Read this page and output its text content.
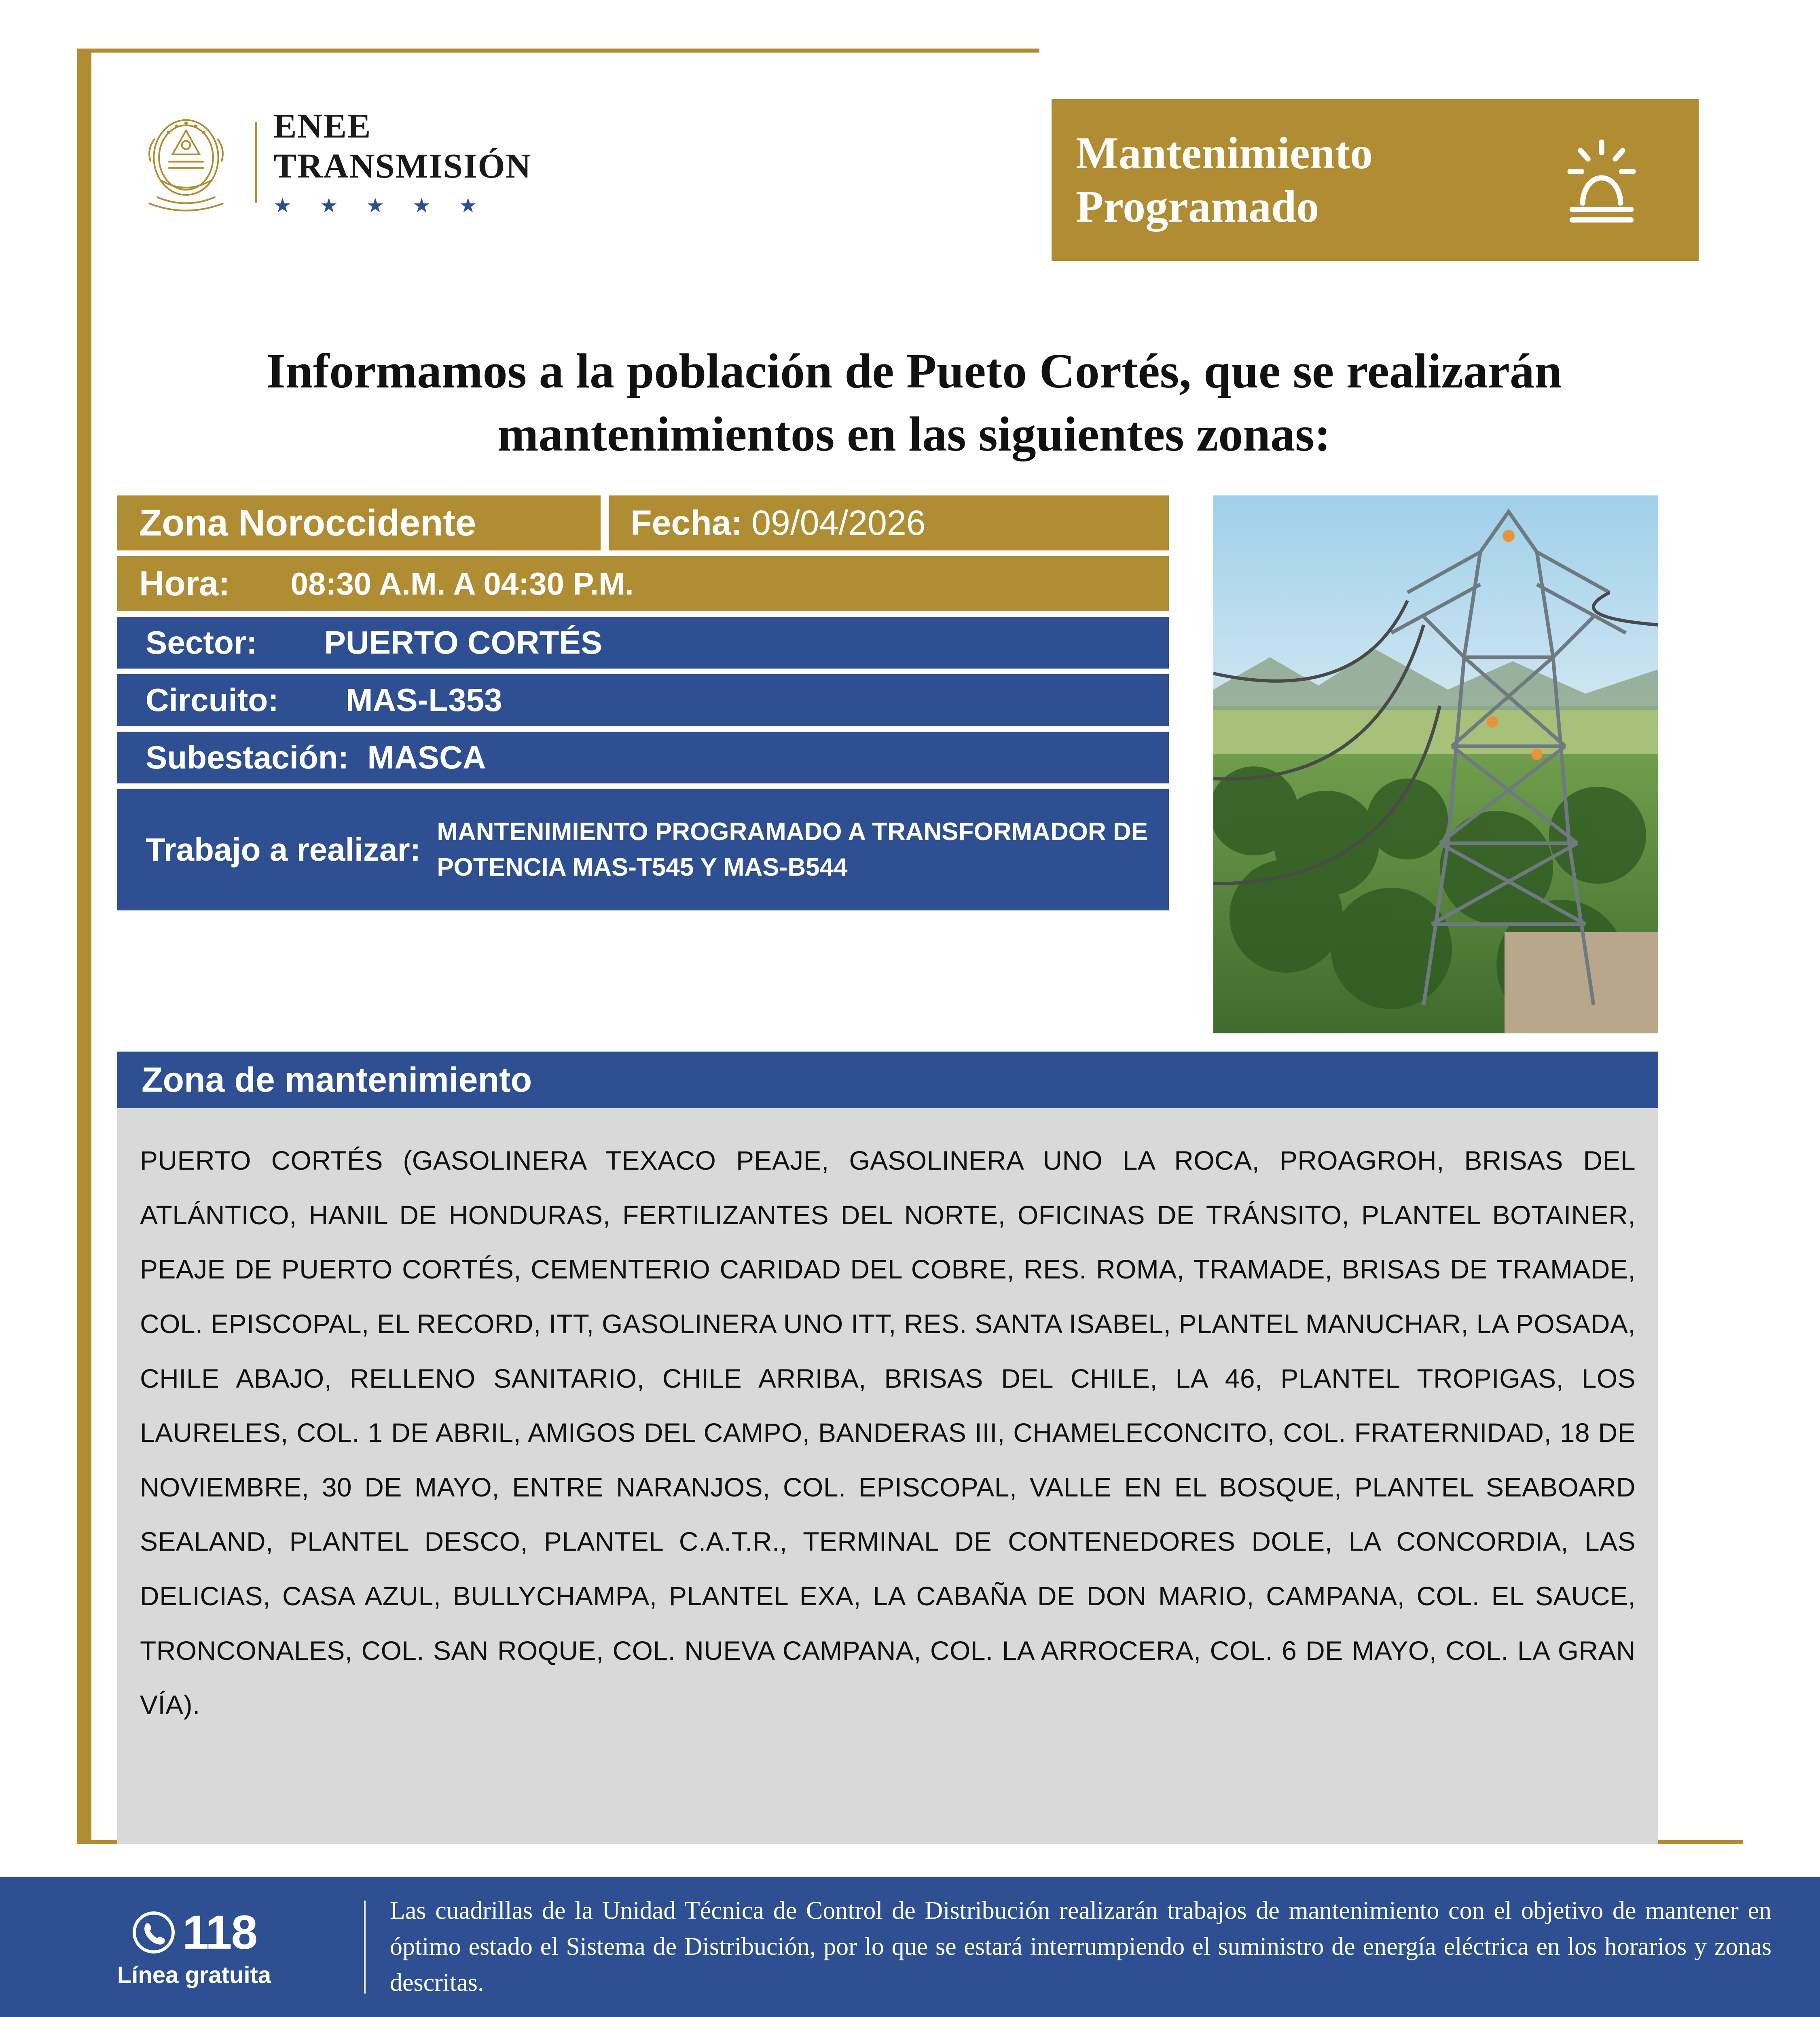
ENEE
TRANSMISIÓN
★ ★ ★ ★ ★
Mantenimiento
Programado
Informamos a la población de Pueto Cortés, que se realizarán mantenimientos en las siguientes zonas:
Zona Noroccidente	Fecha: 09/04/2026
Hora: 08:30 A.M. A 04:30 P.M.
Sector: PUERTO CORTÉS
Circuito: MAS-L353
Subestación: MASCA
Trabajo a realizar: MANTENIMIENTO PROGRAMADO A TRANSFORMADOR DE POTENCIA MAS-T545 Y MAS-B544
Zona de mantenimiento

PUERTO CORTÉS (GASOLINERA TEXACO PEAJE, GASOLINERA UNO LA ROCA, PROAGROH, BRISAS DEL ATLÁNTICO, HANIL DE HONDURAS, FERTILIZANTES DEL NORTE, OFICINAS DE TRÁNSITO, PLANTEL BOTAINER, PEAJE DE PUERTO CORTÉS, CEMENTERIO CARIDAD DEL COBRE, RES. ROMA, TRAMADE, BRISAS DE TRAMADE, COL. EPISCOPAL, EL RECORD, ITT, GASOLINERA UNO ITT, RES. SANTA ISABEL, PLANTEL MANUCHAR, LA POSADA, CHILE ABAJO, RELLENO SANITARIO, CHILE ARRIBA, BRISAS DEL CHILE, LA 46, PLANTEL TROPIGAS, LOS LAURELES, COL. 1 DE ABRIL, AMIGOS DEL CAMPO, BANDERAS III, CHAMELECONCITO, COL. FRATERNIDAD, 18 DE NOVIEMBRE, 30 DE MAYO, ENTRE NARANJOS, COL. EPISCOPAL, VALLE EN EL BOSQUE, PLANTEL SEABOARD SEALAND, PLANTEL DESCO, PLANTEL C.A.T.R., TERMINAL DE CONTENEDORES DOLE, LA CONCORDIA, LAS DELICIAS, CASA AZUL, BULLYCHAMPA, PLANTEL EXA, LA CABAÑA DE DON MARIO, CAMPANA, COL. EL SAUCE, TRONCONALES, COL. SAN ROQUE, COL. NUEVA CAMPANA, COL. LA ARROCERA, COL. 6 DE MAYO, COL. LA GRAN VÍA).

118
Línea gratuita
Las cuadrillas de la Unidad Técnica de Control de Distribución realizarán trabajos de mantenimiento con el objetivo de mantener en óptimo estado el Sistema de Distribución, por lo que se estará interrumpiendo el suministro de energía eléctrica en los horarios y zonas descritas.
